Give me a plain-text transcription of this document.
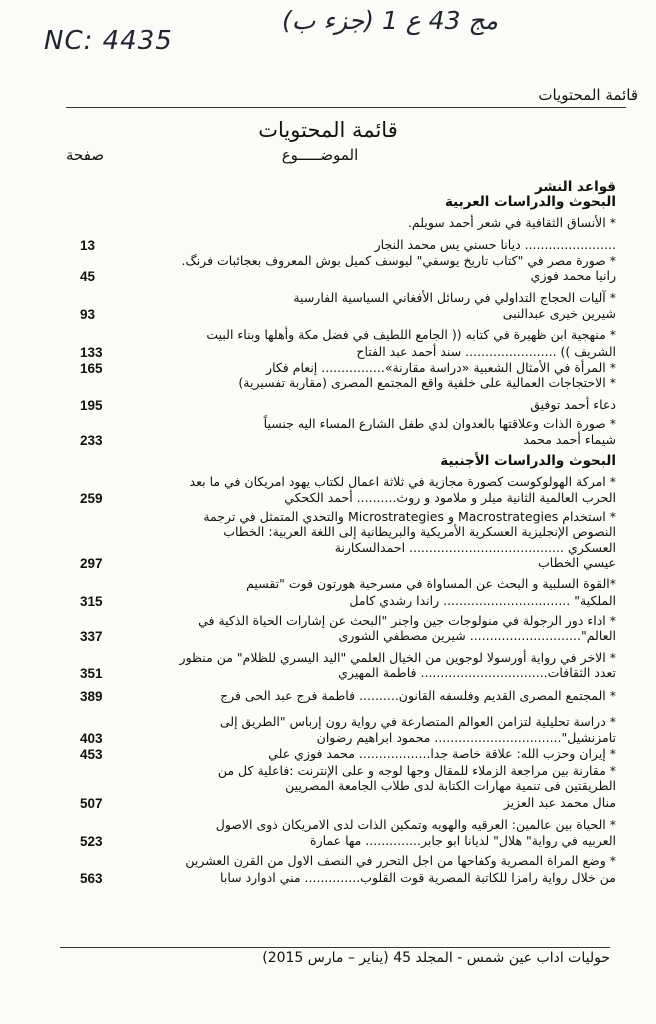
NC: 4435
مج 43 ع 1 (جزء ب)
قائمة المحتويات
قائمة المحتويات
الموضـــــوع
صفحة
قواعد النشر
البحوث والدراسات العربية
* الأنساق الثقافية في شعر أحمد سويلم.
....................... ديانا حسني يس محمد النجار
13
* صورة مصر في "كتاب تاريخ يوسفي" ليوسف كميل بوش المعروف بعجائبات فرنگ.
رانيا محمد فوزي
45
* آليات الحجاج التداولي في رسائل الأفغاني السياسية الفارسية
شيرين خيرى عبدالنبى
93
* منهجية ابن ظهيرة في كتابه (( الجامع اللطيف في فضل مكة وأهلها وبناء البيت
الشريف )) ....................... سند أحمد عبد الفتاح
133
* المرأة في الأمثال الشعبية «دراسة مقارنة»................ إنعام فكار
165
* الاحتجاجات العمالية على خلفية واقع المجتمع المصرى (مقاربة تفسيرية)
دعاء أحمد توفيق
195
* صورة الذات وعلاقتها بالعدوان لدي طفل الشارع المساء اليه جنسياً
شيماء أحمد محمد
233
البحوث والدراسات الأجنبية
* امركة الهولوكوست كصورة مجازية في ثلاثة اعمال لكتاب يهود امريكان في ما بعد
الحرب العالمية الثانية ميلر و ملامود و روث.......... أحمد الكحكي
259
* استخدام Macrostrategies و Microstrategies والتحدي المتمثل في ترجمة
النصوص الإنجليزية العسكرية الأمريكية والبريطانية إلى اللغة العربية: الخطاب
العسكري ....................................... احمدالسكارنة
عيسي الخطاب
297
*القوة السلبية و البحث عن المساواة في مسرحية هورتون فوت "تقسيم
الملكية" ................................ راندا رشدي كامل
315
* اداء دور الرجولة في منولوجات جين واجنر "البحث عن إشارات الحياة الذكية في
العالم"............................ شيرين مصطفي الشورى
337
* الاخر في رواية أورسولا لوجوين من الخيال العلمي "اليد اليسري للظلام" من منظور
تعدد الثقافات................................ فاطمة المهيري
351
* المجتمع المصرى القديم وفلسفه القانون.......... فاطمة فرج عبد الحى فرج
389
* دراسة تحليلية لتزامن العوالم المتصارعة في رواية رون إرباس "الطريق إلى
تامزنشيل"................................ محمود ابراهيم رضوان
403
* إيران وحزب الله: علاقة خاصة جدا.................. محمد فوزي علي
453
* مقارنة بين مراجعة الزملاء للمقال وجها لوجه و على الإنترنت :فاعلية كل من
الطريقتين فى تنمية مهارات الكتابة لدى طلاب الجامعة المصريين
منال محمد عبد العزيز
507
* الحياة بين عالمين: العرقيه والهويه وتمكين الذات لدى الامريكان ذوى الاصول
العربيه في رواية" هلال" لديانا ابو جابر.............. مها عمارة
523
* وضع المراة المصرية وكفاحها من اجل التحرر في النصف الاول من القرن العشرين
من خلال رواية رامزا للكاتبة المصرية قوت القلوب.............. مني ادوارد سابا
563
حوليات اداب عين شمس - المجلد 45 (يناير – مارس 2015)
